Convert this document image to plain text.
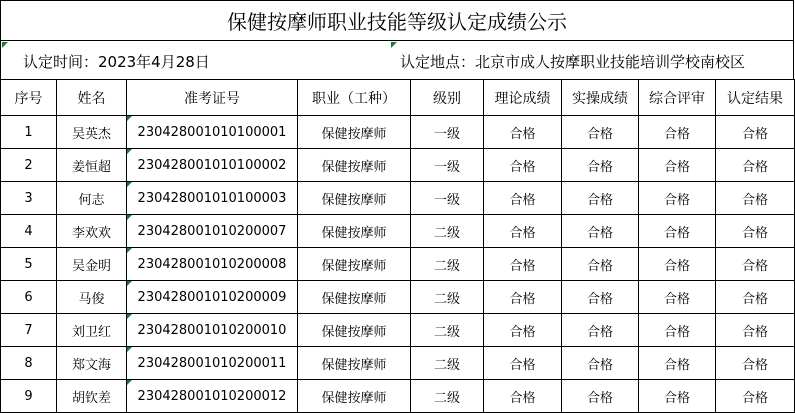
保健按摩师职业技能等级认定成绩公示
认定时间：2023年4月28日	认定地点：北京市成人按摩职业技能培训学校南校区
序号	姓名	准考证号	职业（工种）	级别	理论成绩	实操成绩	综合评审	认定结果
1	吴英杰	230428001010100001	保健按摩师	一级	合格	合格	合格	合格
2	姜恒超	230428001010100002	保健按摩师	一级	合格	合格	合格	合格
3	何志	230428001010100003	保健按摩师	一级	合格	合格	合格	合格
4	李欢欢	230428001010200007	保健按摩师	二级	合格	合格	合格	合格
5	吴金明	230428001010200008	保健按摩师	二级	合格	合格	合格	合格
6	马俊	230428001010200009	保健按摩师	二级	合格	合格	合格	合格
7	刘卫红	230428001010200010	保健按摩师	二级	合格	合格	合格	合格
8	郑文海	230428001010200011	保健按摩师	二级	合格	合格	合格	合格
9	胡钦差	230428001010200012	保健按摩师	二级	合格	合格	合格	合格
